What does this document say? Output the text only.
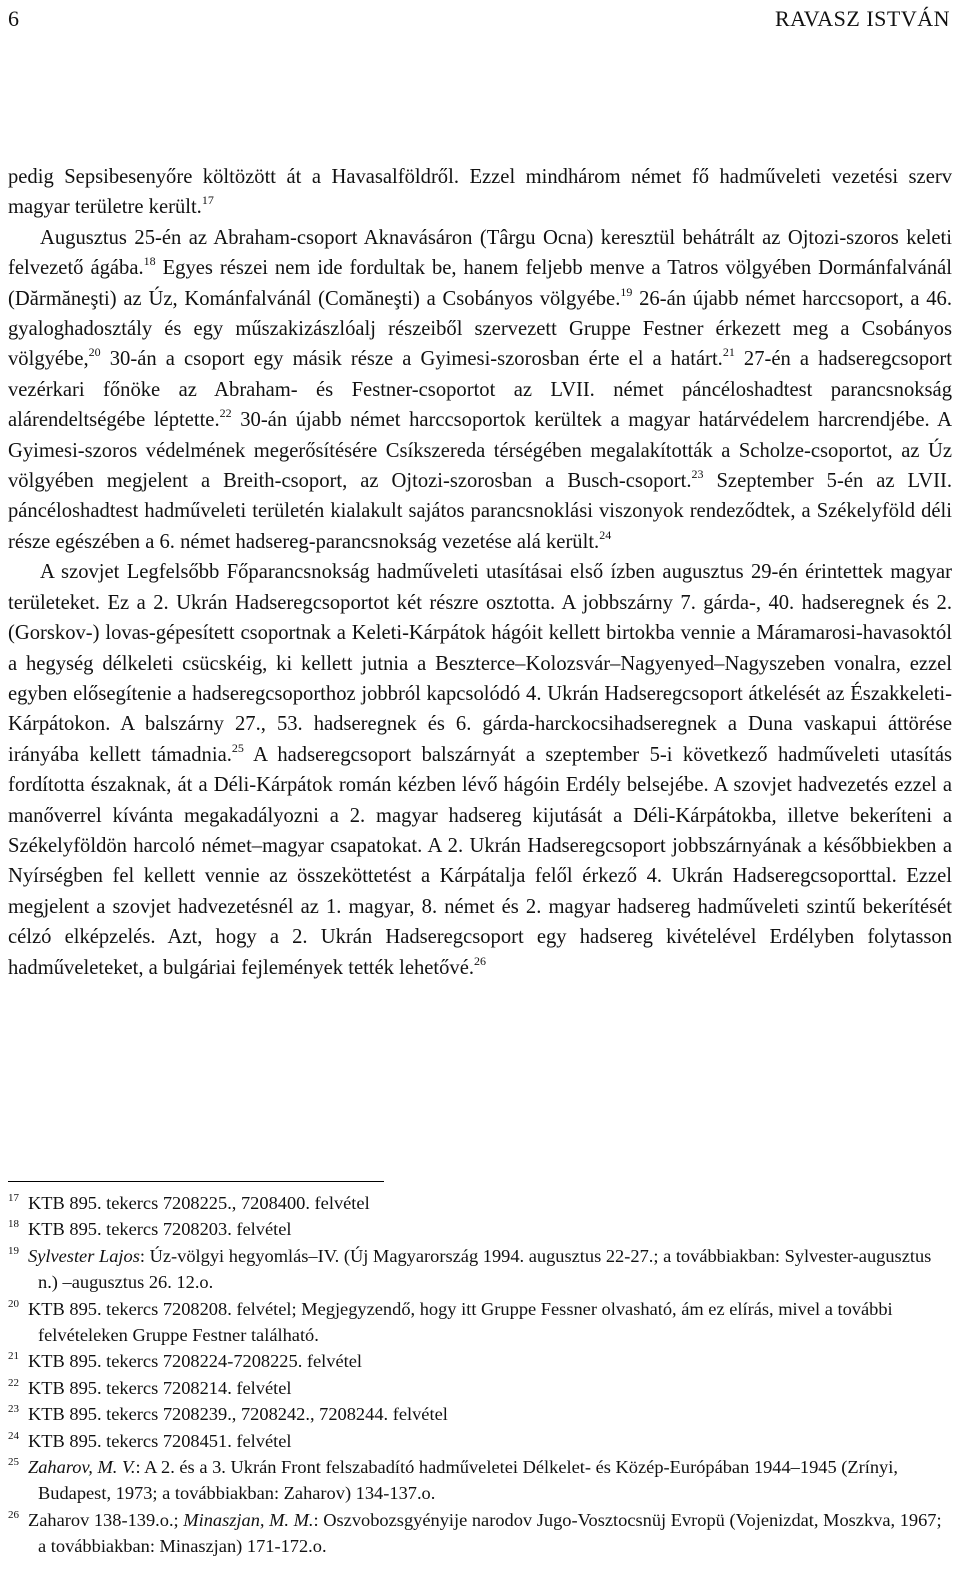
6	RAVASZ ISTVÁN

pedig Sepsibesenyőre költözött át a Havasalföldről. Ezzel mindhárom német fő hadműveleti vezetési szerv magyar területre került.$^{17}$

Augusztus 25-én az Abraham-csoport Aknavásáron (Târgu Ocna) keresztül behátrált az Ojtozi-szoros keleti felvezető ágába.$^{18}$ Egyes részei nem ide fordultak be, hanem feljebb menve a Tatros völgyében Dormánfalvánál (Dărmăneşti) az Úz, Kománfalvánál (Comăneşti) a Csobányos völgyébe.$^{19}$ 26-án újabb német harccsoport, a 46. gyaloghadosztály és egy műszakizászlóalj részeiből szervezett Gruppe Festner érkezett meg a Csobányos völgyébe,$^{20}$ 30-án a csoport egy másik része a Gyimesi-szorosban érte el a határt.$^{21}$ 27-én a hadseregcsoport vezérkari főnöke az Abraham- és Festner-csoportot az LVII. német páncéloshadtest parancsnokság alárendeltségébe léptette.$^{22}$ 30-án újabb német harccsoportok kerültek a magyar határvédelem harcrendjébe. A Gyimesi-szoros védelmének megerősítésére Csíkszereda térségében megalakították a Scholze-csoportot, az Úz völgyében megjelent a Breith-csoport, az Ojtozi-szorosban a Busch-csoport.$^{23}$ Szeptember 5-én az LVII. páncéloshadtest hadműveleti területén kialakult sajátos parancsnoklási viszonyok rendeződtek, a Székelyföld déli része egészében a 6. német hadsereg-parancsnokság vezetése alá került.$^{24}$

A szovjet Legfelsőbb Főparancsnokság hadműveleti utasításai első ízben augusztus 29-én érintettek magyar területeket. Ez a 2. Ukrán Hadseregcsoportot két részre osztotta. A jobbszárny 7. gárda-, 40. hadseregnek és 2. (Gorskov-) lovas-gépesített csoportnak a Keleti-Kárpátok hágóit kellett birtokba vennie a Máramarosi-havasoktól a hegység délkeleti csücskéig, ki kellett jutnia a Beszterce–Kolozsvár–Nagyenyed–Nagyszeben vonalra, ezzel egyben elősegítenie a hadseregcsoporthoz jobbról kapcsolódó 4. Ukrán Hadseregcsoport átkelését az Északkeleti-Kárpátokon. A balszárny 27., 53. hadseregnek és 6. gárda-harckocsihadseregnek a Duna vaskapui áttörése irányába kellett támadnia.$^{25}$ A hadseregcsoport balszárnyát a szeptember 5-i következő hadműveleti utasítás fordította északnak, át a Déli-Kárpátok román kézben lévő hágóin Erdély belsejébe. A szovjet hadvezetés ezzel a manőverrel kívánta megakadályozni a 2. magyar hadsereg kijutását a Déli-Kárpátokba, illetve bekeríteni a Székelyföldön harcoló német–magyar csapatokat. A 2. Ukrán Hadseregcsoport jobbszárnyának a későbbiekben a Nyírségben fel kellett vennie az összeköttetést a Kárpátalja felől érkező 4. Ukrán Hadseregcsoporttal. Ezzel megjelent a szovjet hadvezetésnél az 1. magyar, 8. német és 2. magyar hadsereg hadműveleti szintű bekerítését célzó elképzelés. Azt, hogy a 2. Ukrán Hadseregcsoport egy hadsereg kivételével Erdélyben folytasson hadműveleteket, a bulgáriai fejlemények tették lehetővé.$^{26}$

$^{17}$ KTB 895. tekercs 7208225., 7208400. felvétel
$^{18}$ KTB 895. tekercs 7208203. felvétel
$^{19}$ Sylvester Lajos: Úz-völgyi hegyomlás–IV. (Új Magyarország 1994. augusztus 22-27.; a továbbiakban: Sylvester-augusztus n.) –augusztus 26. 12.o.
$^{20}$ KTB 895. tekercs 7208208. felvétel; Megjegyzendő, hogy itt Gruppe Fessner olvasható, ám ez elírás, mivel a további felvételeken Gruppe Festner található.
$^{21}$ KTB 895. tekercs 7208224-7208225. felvétel
$^{22}$ KTB 895. tekercs 7208214. felvétel
$^{23}$ KTB 895. tekercs 7208239., 7208242., 7208244. felvétel
$^{24}$ KTB 895. tekercs 7208451. felvétel
$^{25}$ Zaharov, M. V.: A 2. és a 3. Ukrán Front felszabadító hadműveletei Délkelet- és Közép-Európában 1944–1945 (Zrínyi, Budapest, 1973; a továbbiakban: Zaharov) 134-137.o.
$^{26}$ Zaharov 138-139.o.; Minaszjan, M. M.: Oszvobozsgyényije narodov Jugo-Vosztocsnüj Evropü (Vojenizdat, Moszkva, 1967; a továbbiakban: Minaszjan) 171-172.o.
